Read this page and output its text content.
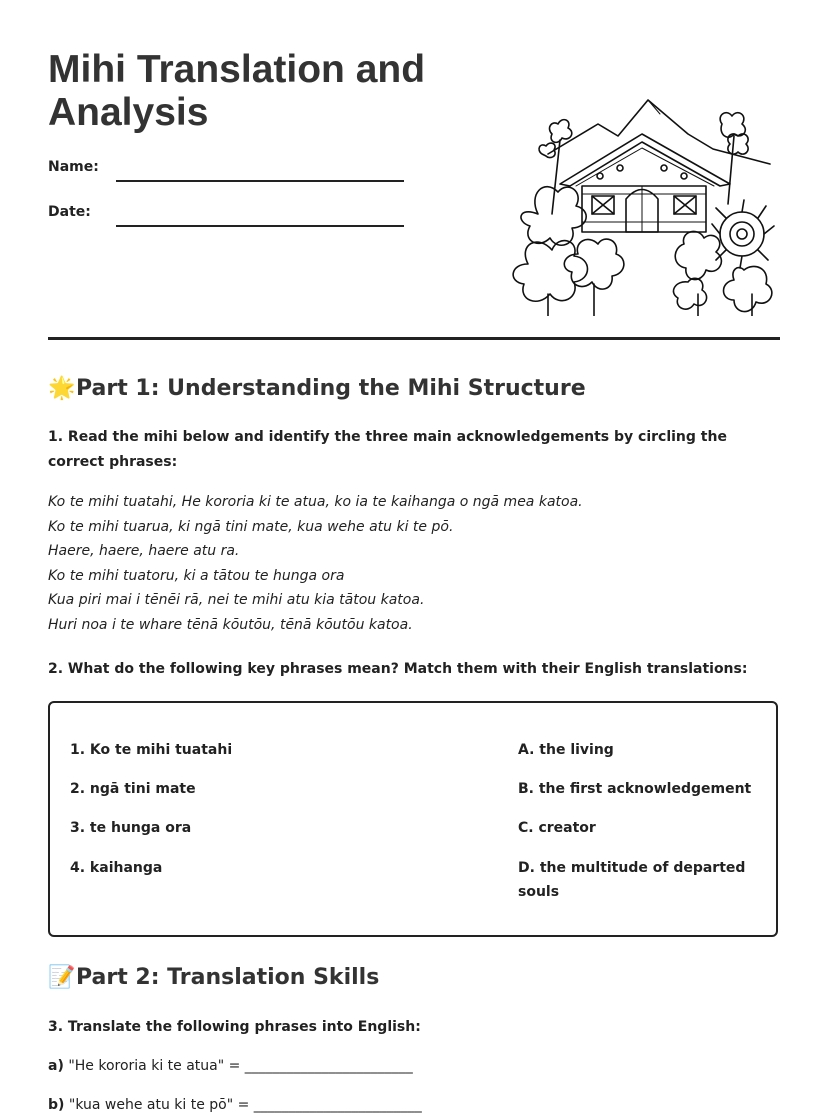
Mihi Translation and
Analysis
Name:
Date:
🌟Part 1: Understanding the Mihi Structure

1. Read the mihi below and identify the three main acknowledgements by circling the correct phrases:

Ko te mihi tuatahi, He kororia ki te atua, ko ia te kaihanga o ngā mea katoa.
Ko te mihi tuarua, ki ngā tini mate, kua wehe atu ki te pō.
Haere, haere, haere atu ra.
Ko te mihi tuatoru, ki a tātou te hunga ora
Kua piri mai i tēnēi rā, nei te mihi atu kia tātou katoa.
Huri noa i te whare tēnā kōutōu, tēnā kōutōu katoa.

2. What do the following key phrases mean? Match them with their English translations:

1. Ko te mihi tuatahi
2. ngā tini mate
3. te hunga ora
4. kaihanga
A. the living
B. the first acknowledgement
C. creator
D. the multitude of departed souls
📝Part 2: Translation Skills

3. Translate the following phrases into English:

a) "He kororia ki te atua" = ________________________
b) "kua wehe atu ki te pō" = ________________________
